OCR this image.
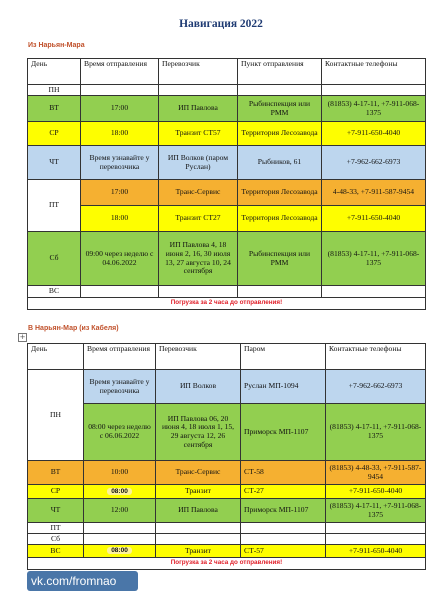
Навигация 2022
Из Нарьян-Мара
День	Время отправления	Перевозчик	Пункт отправления	Контактные телефоны
ПН				
ВТ	17:00	ИП Павлова	Рыбинспекция или РММ	(81853) 4-17-11, +7-911-068-1375
СР	18:00	Транзит СТ57	Территория Лесозавода	+7-911-650-4040
ЧТ	Время узнавайте у перевозчика	ИП Волков (паром Руслан)	Рыбников, 61	+7-962-662-6973
ПТ	17:00	Транс-Сервис	Территория Лесозавода	4-48-33, +7-911-587-9454
	18:00	Транзит СТ27	Территория Лесозавода	+7-911-650-4040
Сб	09:00 через неделю с 04.06.2022	ИП Павлова 4, 18 июня 2, 16, 30 июля 13, 27 августа 10, 24 сентября	Рыбинспекция или РММ	(81853) 4-17-11, +7-911-068-1375
ВС				
Погрузка за 2 часа до отправления!				
+
В Нарьян-Мар (из Кабеля)
День	Время отправления	Перевозчик	Паром	Контактные телефоны
ПН	Время узнавайте у перевозчика	ИП Волков	Руслан МП-1094	+7-962-662-6973
	08:00 через неделю с 06.06.2022	ИП Павлова 06, 20 июня 4, 18 июля 1, 15, 29 августа 12, 26 сентября	Приморск МП-1107	(81853) 4-17-11, +7-911-068-1375
ВТ	10:00	Транс-Сервис	СТ-58	(81853) 4-48-33, +7-911-587-9454
СР	08:00	Транзит	СТ-27	+7-911-650-4040
ЧТ	12:00	ИП Павлова	Приморск МП-1107	(81853) 4-17-11, +7-911-068-1375
ПТ				
Сб				
ВС	08:00	Транзит	СТ-57	+7-911-650-4040
Погрузка за 2 часа до отправления!				
vk.com/fromnao
